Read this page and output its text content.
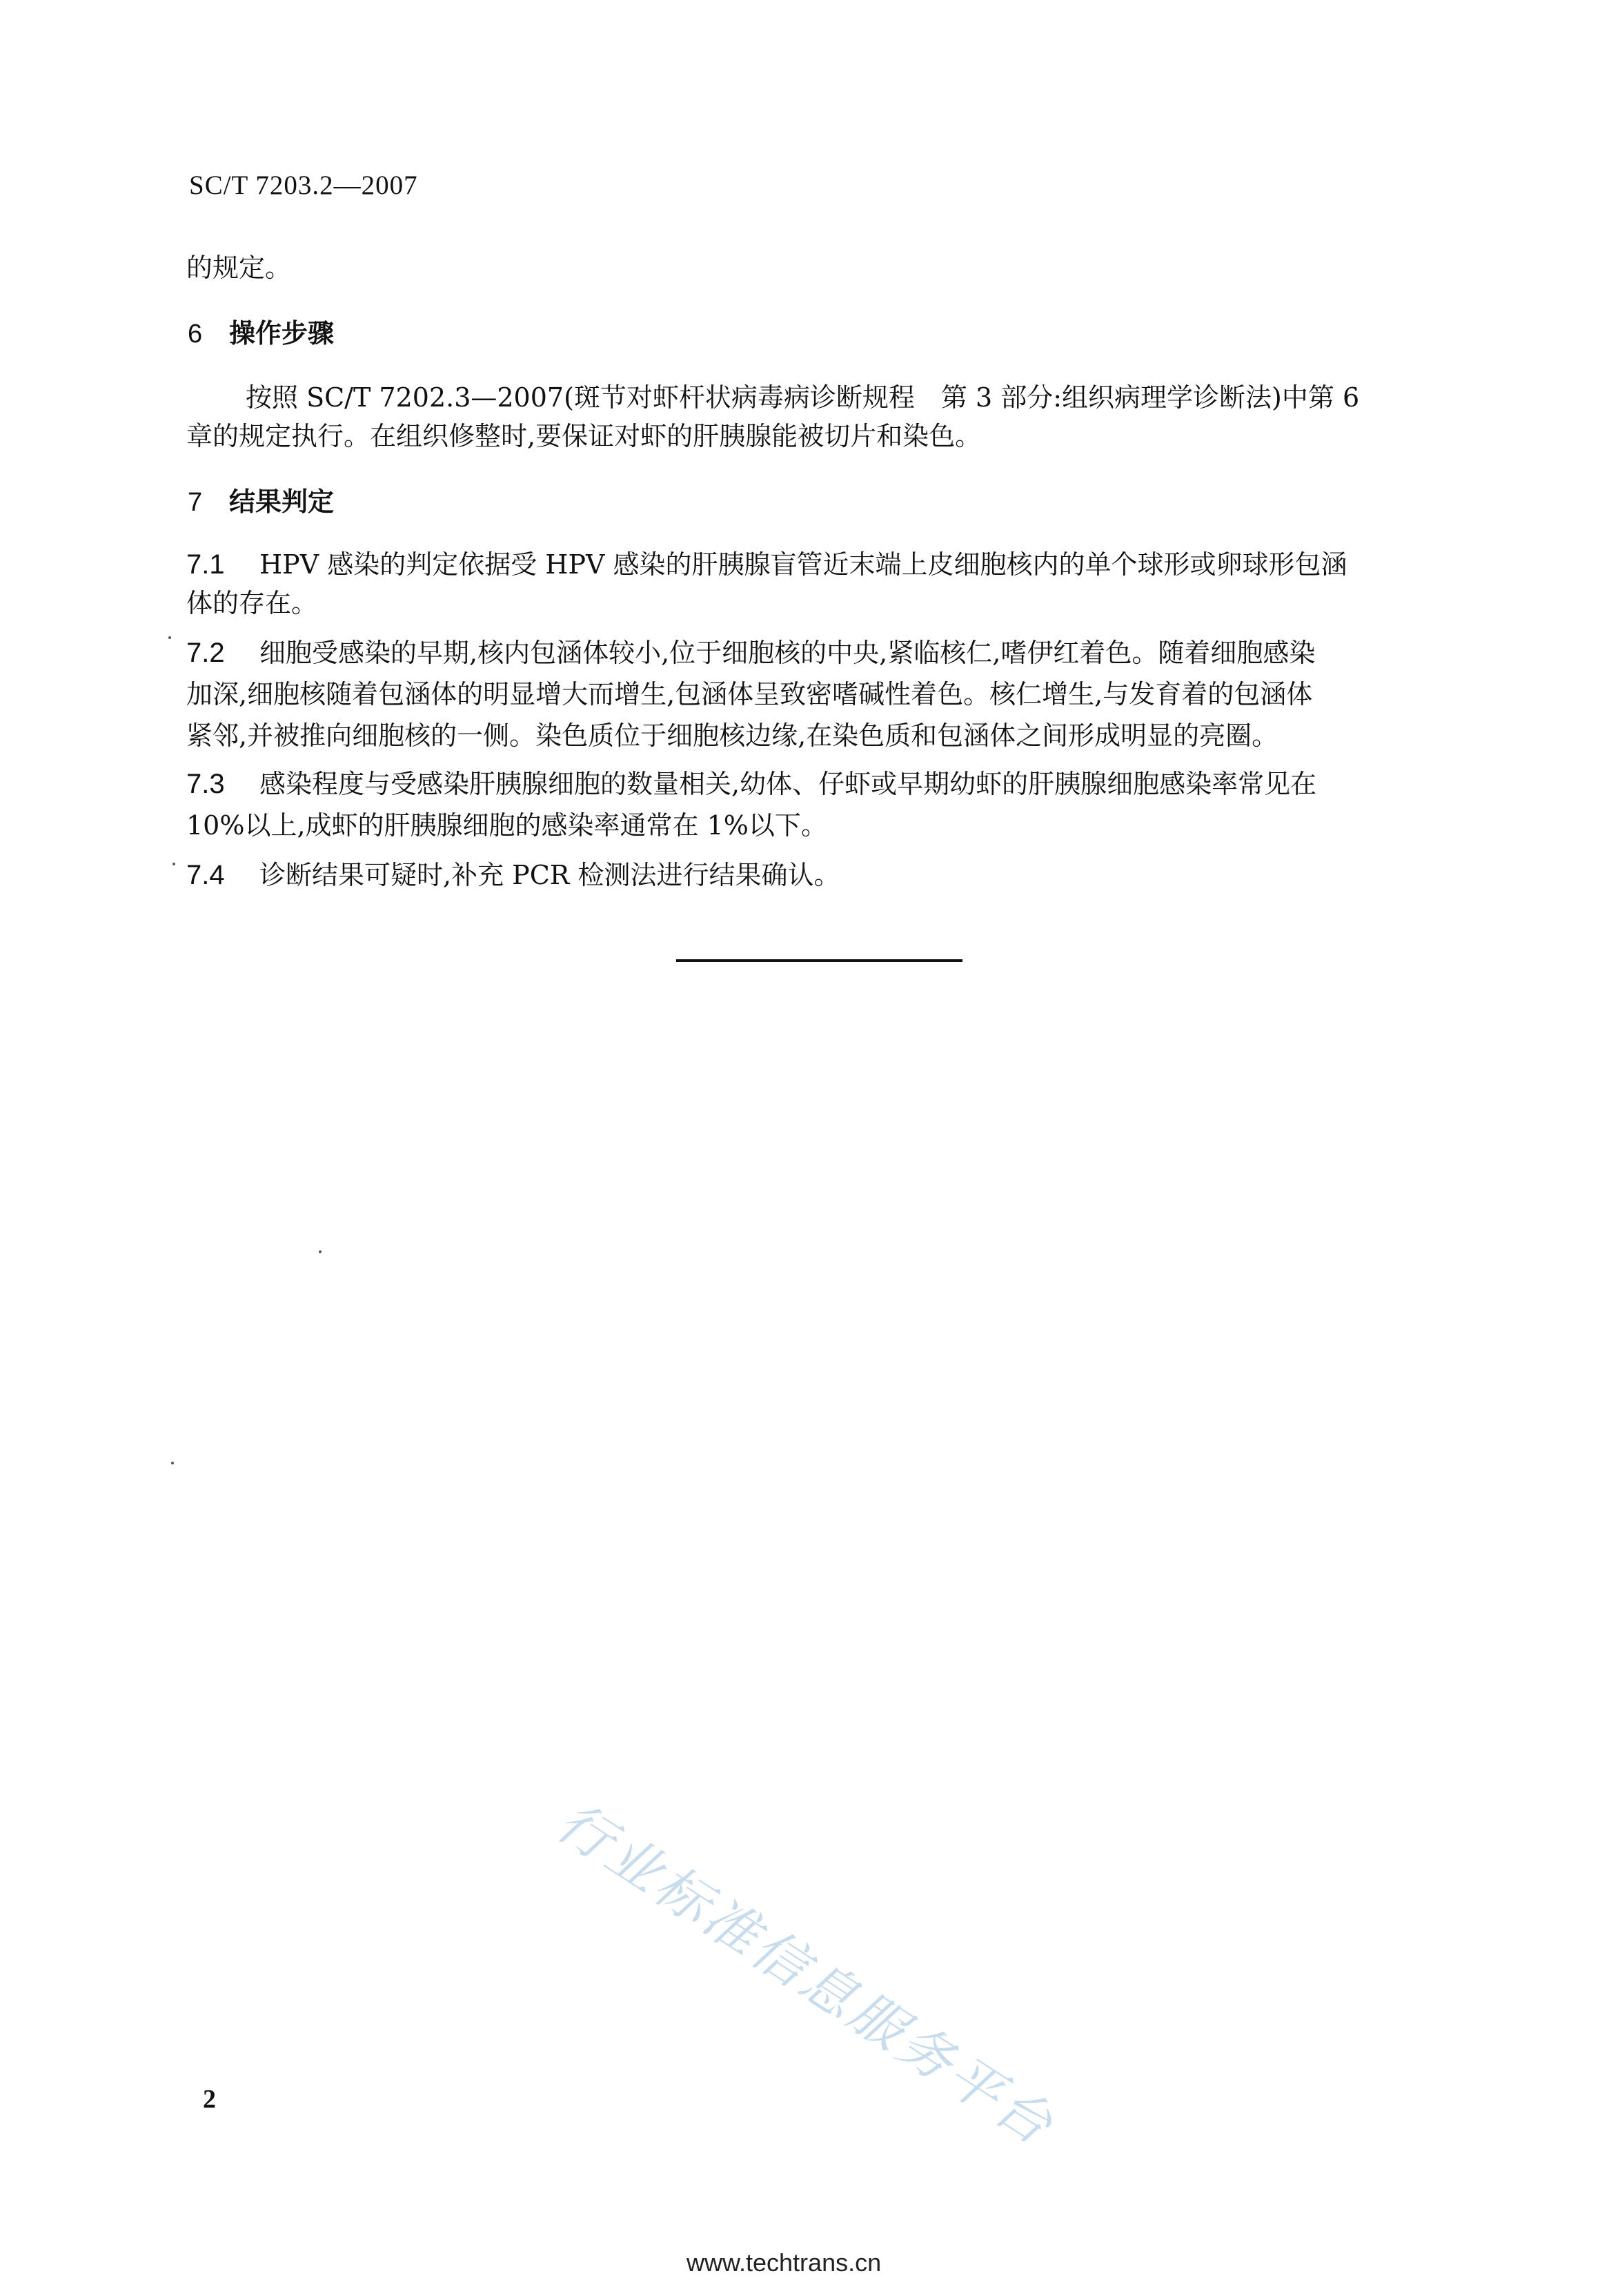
SC/T 7203.2—2007
的规定。
6 操作步骤
按照 SC/T 7202.3—2007(斑节对虾杆状病毒病诊断规程　第 3 部分:组织病理学诊断法)中第 6
章的规定执行。在组织修整时,要保证对虾的肝胰腺能被切片和染色。
7 结果判定
7.1 HPV 感染的判定依据受 HPV 感染的肝胰腺盲管近末端上皮细胞核内的单个球形或卵球形包涵
体的存在。
7.2 细胞受感染的早期,核内包涵体较小,位于细胞核的中央,紧临核仁,嗜伊红着色。随着细胞感染
加深,细胞核随着包涵体的明显增大而增生,包涵体呈致密嗜碱性着色。核仁增生,与发育着的包涵体
紧邻,并被推向细胞核的一侧。染色质位于细胞核边缘,在染色质和包涵体之间形成明显的亮圈。
7.3 感染程度与受感染肝胰腺细胞的数量相关,幼体、仔虾或早期幼虾的肝胰腺细胞感染率常见在
10%以上,成虾的肝胰腺细胞的感染率通常在 1%以下。
7.4 诊断结果可疑时,补充 PCR 检测法进行结果确认。
行业标准信息服务平台
2
www.techtrans.cn
